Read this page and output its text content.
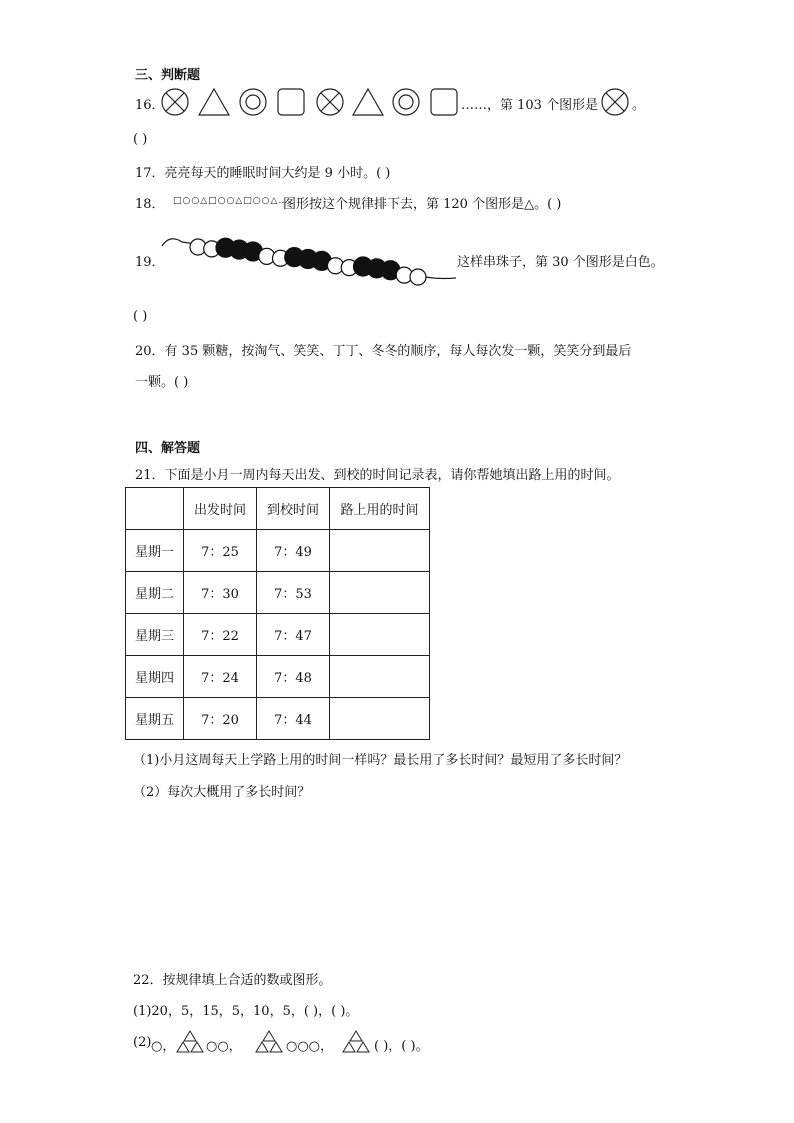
三、判断题
16．	……，第 103 个图形是	。
( )
17．亮亮每天的睡眠时间大约是 9 小时。( )
18． □○○△□○○△□○○△…
图形按这个规律排下去，第 120 个图形是△。( )
19．	这样串珠子，第 30 个图形是白色。
( )
20．有 35 颗糖，按淘气、笑笑、丁丁、冬冬的顺序，每人每次发一颗，笑笑分到最后
一颗。( )
四、解答题
21．下面是小月一周内每天出发、到校的时间记录表，请你帮她填出路上用的时间。
	出发时间	到校时间	路上用的时间
星期一	7：25	7：49	
星期二	7：30	7：53	
星期三	7：22	7：47	
星期四	7：24	7：48	
星期五	7：20	7：44	
（1)小月这周每天上学路上用的时间一样吗？最长用了多长时间？最短用了多长时间？
（2）每次大概用了多长时间？
22．按规律填上合适的数或图形。
(1)20，5，15，5，10，5，( )，( )。
(2) ○， ○○，	○○○，	( )，( )。
